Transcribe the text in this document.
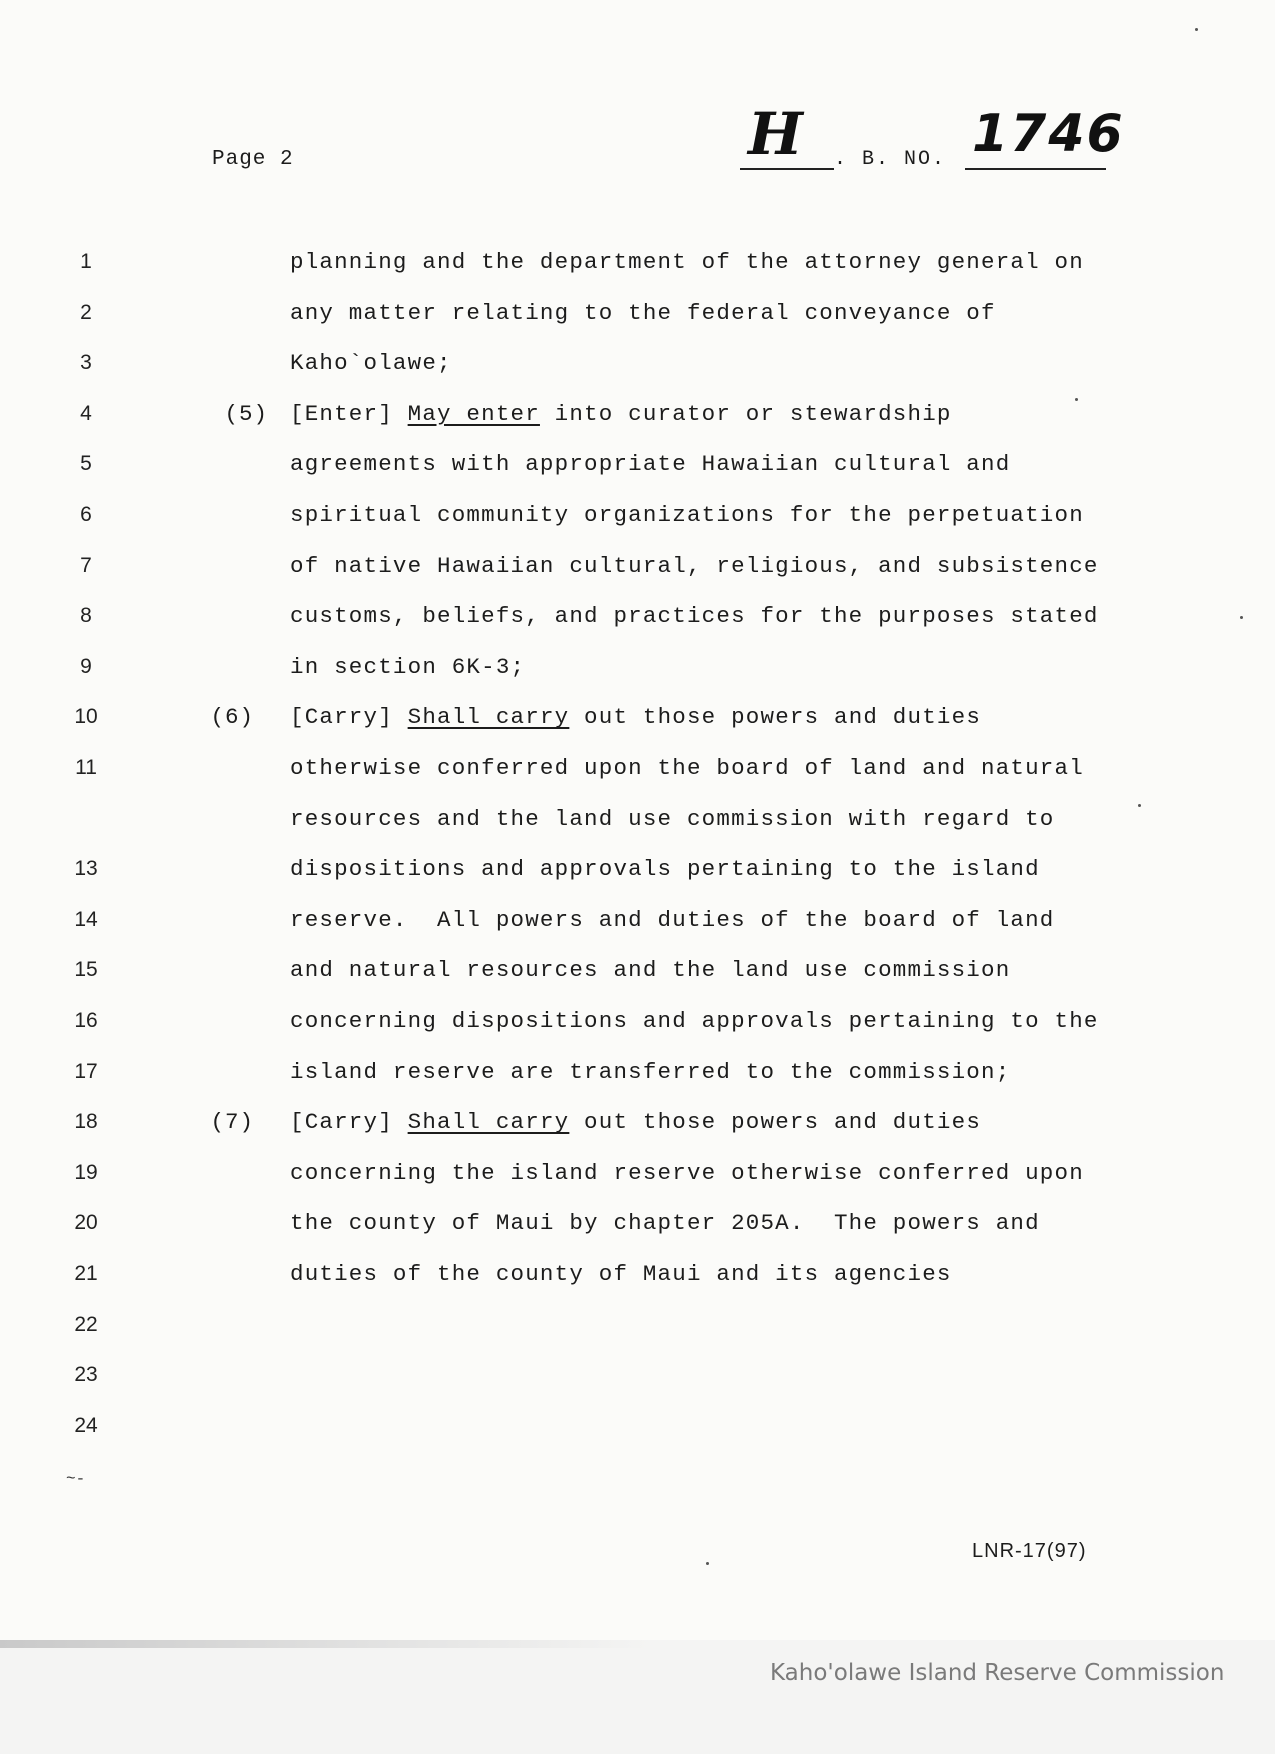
Page 2	H . B. NO. 1746
1	planning and the department of the attorney general on
2	any matter relating to the federal conveyance of
3	Kaho`olawe;
4	(5) [Enter] May enter into curator or stewardship
5	agreements with appropriate Hawaiian cultural and
6	spiritual community organizations for the perpetuation
7	of native Hawaiian cultural, religious, and subsistence
8	customs, beliefs, and practices for the purposes stated
9	in section 6K-3;
10	(6) [Carry] Shall carry out those powers and duties
11	otherwise conferred upon the board of land and natural
resources and the land use commission with regard to
13	dispositions and approvals pertaining to the island
14	reserve.  All powers and duties of the board of land
15	and natural resources and the land use commission
16	concerning dispositions and approvals pertaining to the
17	island reserve are transferred to the commission;
18	(7) [Carry] Shall carry out those powers and duties
19	concerning the island reserve otherwise conferred upon
20	the county of Maui by chapter 205A.  The powers and
21	duties of the county of Maui and its agencies
22
23
24
~-
LNR-17(97)
Kaho'olawe Island Reserve Commission
